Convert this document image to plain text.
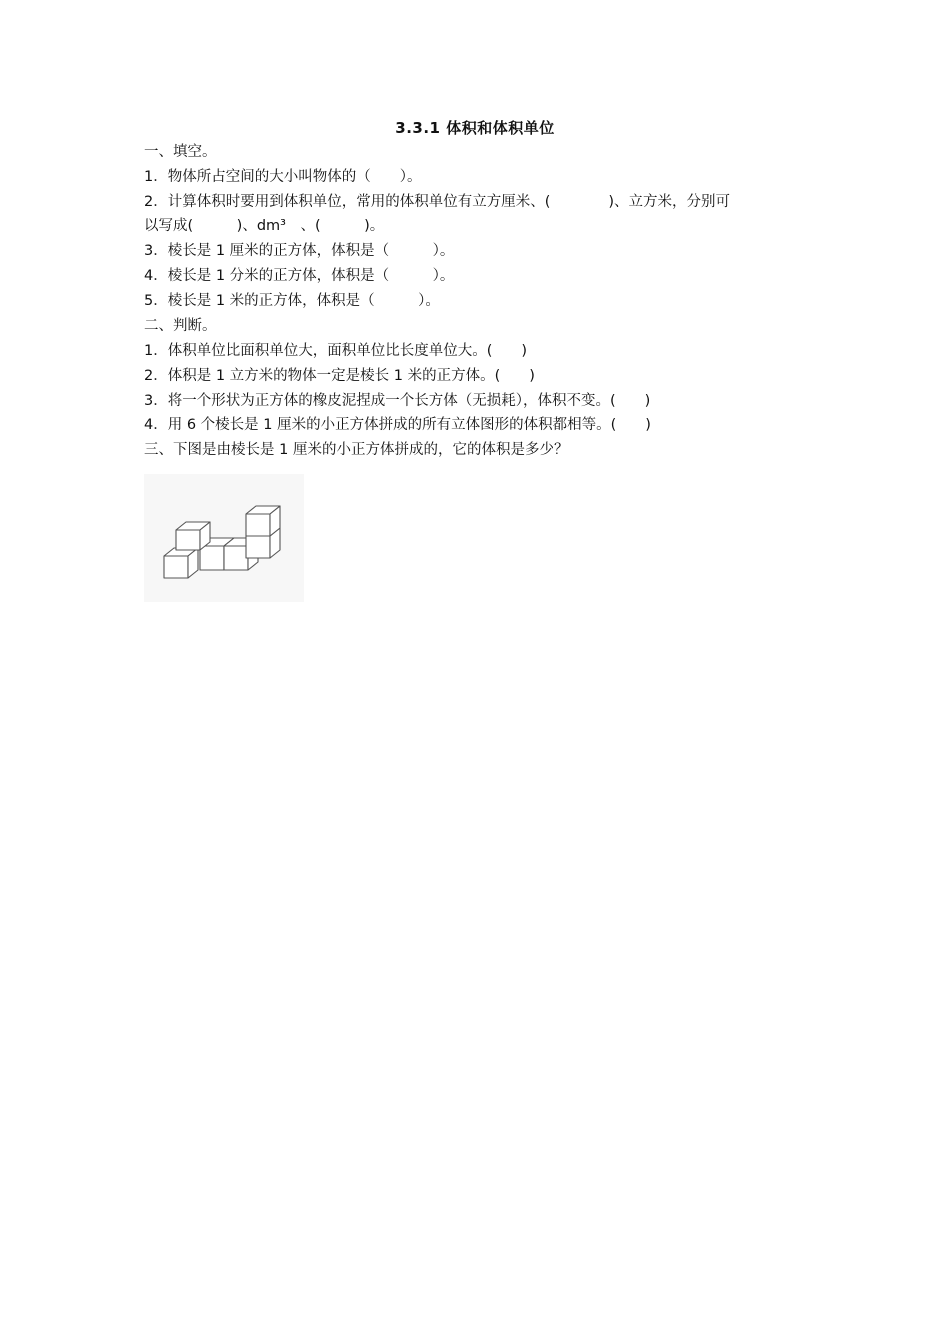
3.3.1 体积和体积单位
一、填空。
1．物体所占空间的大小叫物体的（　　）。
2．计算体积时要用到体积单位，常用的体积单位有立方厘米、(　　　　)、立方米，分别可
以写成(　　　)、dm³　、(　　　)。
3．棱长是 1 厘米的正方体，体积是（　　　）。
4．棱长是 1 分米的正方体，体积是（　　　）。
5．棱长是 1 米的正方体，体积是（　　　）。
二、判断。
1．体积单位比面积单位大，面积单位比长度单位大。(　　)
2．体积是 1 立方米的物体一定是棱长 1 米的正方体。(　　)
3．将一个形状为正方体的橡皮泥捏成一个长方体（无损耗），体积不变。(　　)
4．用 6 个棱长是 1 厘米的小正方体拼成的所有立体图形的体积都相等。(　　)
三、下图是由棱长是 1 厘米的小正方体拼成的，它的体积是多少？
